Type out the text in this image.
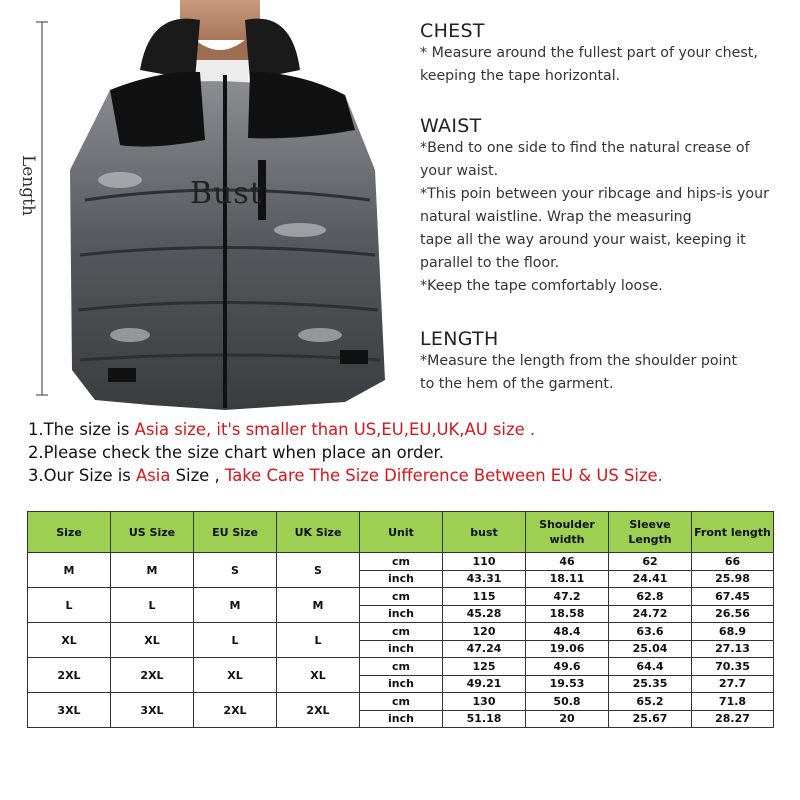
Length	Bust
CHEST

* Measure around the fullest part of your chest,

keeping the tape horizontal.

WAIST

*Bend to one side to find the natural crease of

your waist.

*This poin between your ribcage and hips-is your

natural waistline. Wrap the measuring

tape all the way around your waist, keeping it

parallel to the floor.

*Keep the tape comfortably loose.

LENGTH

*Measure the length from the shoulder point

to the hem of the garment.

1.The size is Asia size, it's smaller than US,EU,EU,UK,AU size .
2.Please check the size chart when place an order.
3.Our Size is Asia Size , Take Care The Size Difference Between EU & US Size.
Size	US Size	EU Size	UK Size	Unit	bust	Shoulder width	Sleeve Length	Front length
M	M	S	S	cm	110	46	62	66
				inch	43.31	18.11	24.41	25.98
L	L	M	M	cm	115	47.2	62.8	67.45
				inch	45.28	18.58	24.72	26.56
XL	XL	L	L	cm	120	48.4	63.6	68.9
				inch	47.24	19.06	25.04	27.13
2XL	2XL	XL	XL	cm	125	49.6	64.4	70.35
				inch	49.21	19.53	25.35	27.7
3XL	3XL	2XL	2XL	cm	130	50.8	65.2	71.8
				inch	51.18	20	25.67	28.27
